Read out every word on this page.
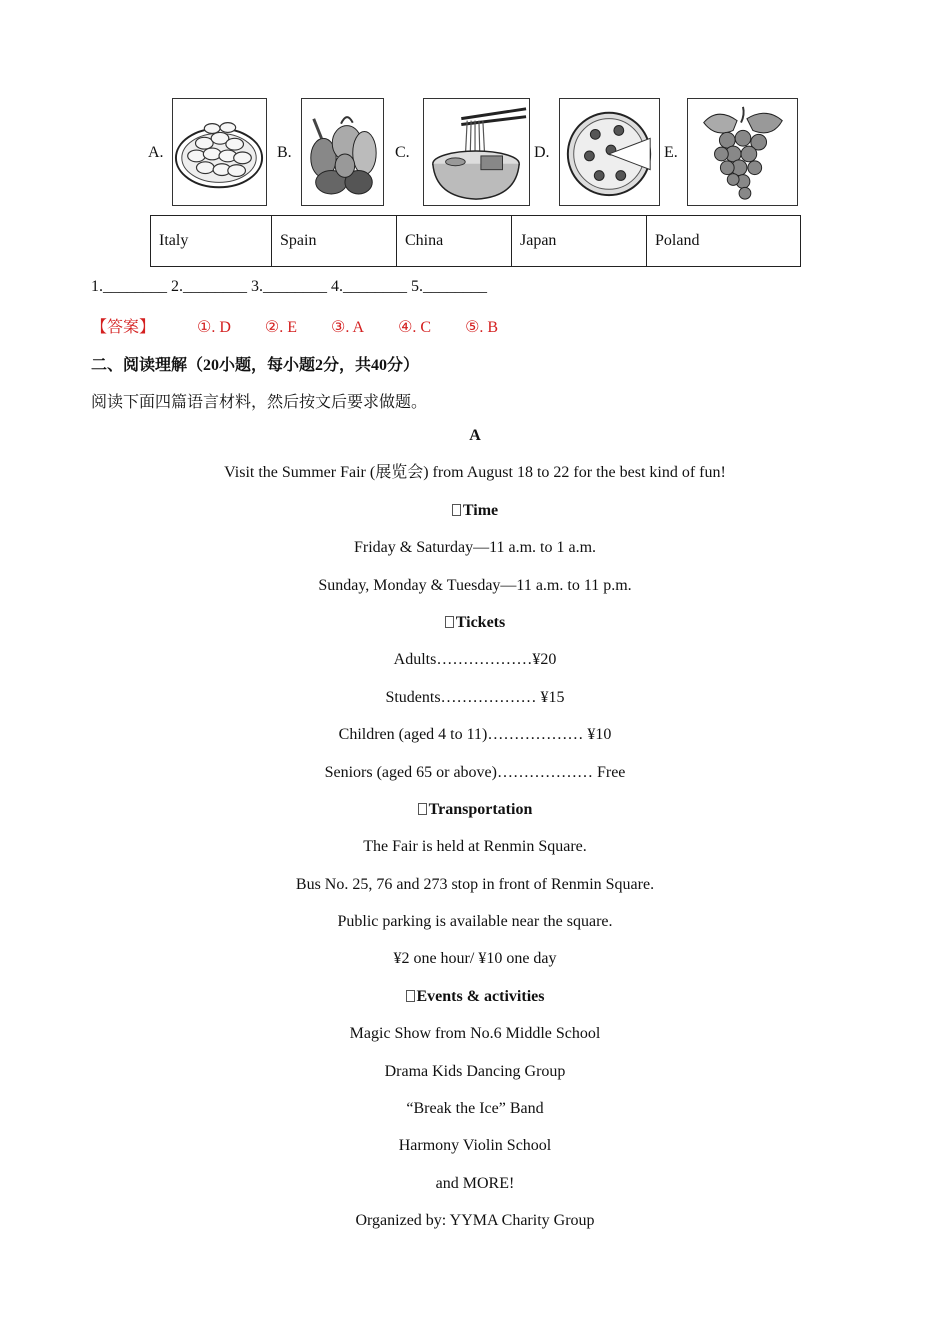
A.	B.	C.	D.	E.
Italy	Spain	China	Japan	Poland
1.________ 2.________ 3.________ 4.________ 5.________
【答案】	①. D ②. E ③. A ④. C ⑤. B
二、阅读理解（20小题，每小题2分，共40分）
阅读下面四篇语言材料，然后按文后要求做题。
A
Visit the Summer Fair (展览会) from August 18 to 22 for the best kind of fun!
Time
Friday & Saturday—11 a.m. to 1 a.m.
Sunday, Monday & Tuesday—11 a.m. to 11 p.m.
Tickets
Adults………………¥20
Students……………… ¥15
Children (aged 4 to 11)……………… ¥10
Seniors (aged 65 or above)……………… Free
Transportation
The Fair is held at Renmin Square.
Bus No. 25, 76 and 273 stop in front of Renmin Square.
Public parking is available near the square.
¥2 one hour/ ¥10 one day
Events & activities
Magic Show from No.6 Middle School
Drama Kids Dancing Group
“Break the Ice” Band
Harmony Violin School
and MORE!
Organized by: YYMA Charity Group
